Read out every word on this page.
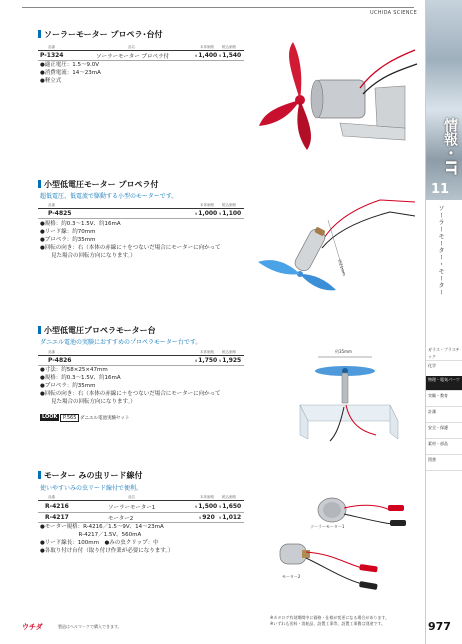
UCHIDA SCIENCE
情報・IT
11
ソーラーモーター・モーター
ガラス・プラスチック
化学
物理・電気パーツ
実験・教育
計測
安全・保護
素材・部品
図書
ソーラーモーター プロペラ･台付
品番	品名	本体価格 税込価格
P-1324	ソーラーモーター プロペラ付	¥1,400 ¥1,540
●適正電圧：1.5～9.0V
●消費電流：14～23mA
●軽立式
小型低電圧モーター プロペラ付
超低電圧、低電流で駆動する小型のモーターです。
品番	本体価格 税込価格
P-4825	¥1,000 ¥1,100
●規格：約0.3～1.5V、約16mA
●リード線：約70mm
●プロペラ：約35mm
●回転の向き：右（本体の赤線に＋をつないだ場合にモーターに向かって
　　見た場合の回転方向になります。）
約21mm
小型低電圧プロペラモーター台
ダニエル電池の実験におすすめのプロペラモーター台です。
品番	本体価格 税込価格
P-4826	¥1,750 ¥1,925
●寸法：約58×25×47mm
●規格：約0.3～1.5V、約16mA
●プロペラ：約35mm
●回転の向き：右（本体の赤線に＋をつないだ場合にモーターに向かって
　　見た場合の回転方向になります。）
LOOK	P.565 ダニエル電池実験セット
約35mm
モーター みの虫リード線付
使いやすいみの虫リード線付で便利。
品番	品名	本体価格 税込価格
R-4216	ソーラーモーター1	¥1,500 ¥1,650
R-4217	モーター2	¥920 ¥1,012
●モーター規格：R-4216／1.5～9V、14～23mA
　　　　　　　R-4217／1.5V、560mA
●リード線長：100mm　●みの虫クリップ：中
●各取り付け台付（取り付け作業が必要になります。）
ソーラーモーター1
モーター2
ウチダ	製造はヘルマークで購入できます。
※カタログ有効期間中に価格・仕様が変更になる場合があります。
※いずれも送料・消耗品、設置工事等、設置工事費は別途です。	977
